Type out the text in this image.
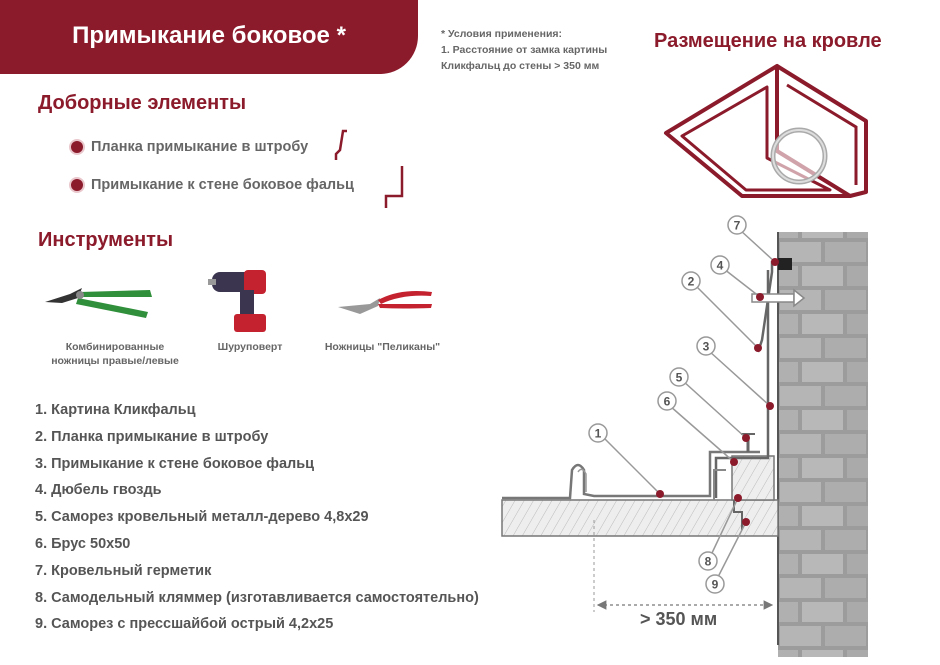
Примыкание боковое *	* Условия применения:
1. Расстояние от замка картины
Кликфальц до стены > 350 мм
Размещение на кровле
Доборные элементы
Планка примыкание в штробу
Примыкание к стене боковое фальц
Инструменты
Комбинированные
ножницы правые/левые
Шуруповерт	Ножницы "Пеликаны"
1. Картина Кликфальц
2. Планка примыкание в штробу
3. Примыкание к стене боковое фальц
4. Дюбель гвоздь
5. Саморез кровельный металл-дерево 4,8х29
6. Брус 50х50
7. Кровельный герметик
8. Самодельный кляммер (изготавливается самостоятельно)
9. Саморез с прессшайбой острый 4,2х25
1
2
3
4
5
6
7
8
9
> 350 мм
